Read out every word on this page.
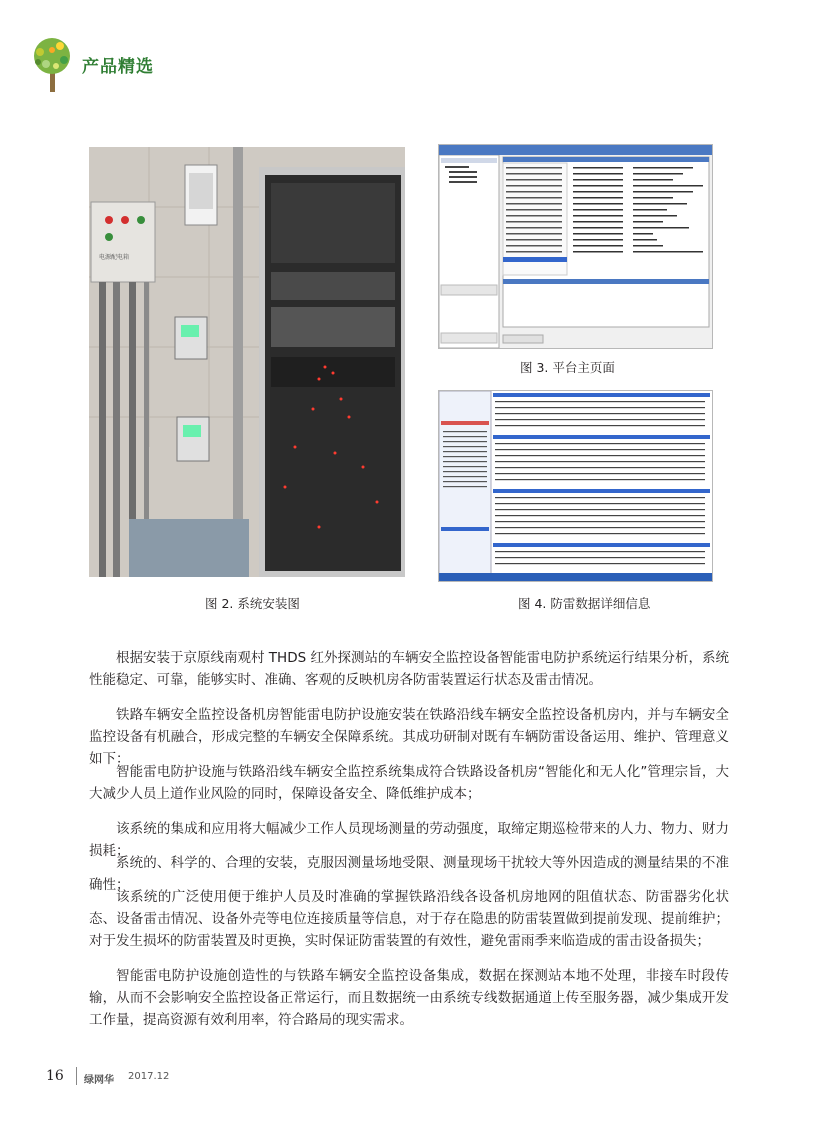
产品精选
电源配电箱
图 3. 平台主页面
图 2. 系统安装图	图 4. 防雷数据详细信息
根据安装于京原线南观村 THDS 红外探测站的车辆安全监控设备智能雷电防护系统运行结果分析，系统性能稳定、可靠，能够实时、准确、客观的反映机房各防雷装置运行状态及雷击情况。
铁路车辆安全监控设备机房智能雷电防护设施安装在铁路沿线车辆安全监控设备机房内，并与车辆安全监控设备有机融合，形成完整的车辆安全保障系统。其成功研制对既有车辆防雷设备运用、维护、管理意义如下：
智能雷电防护设施与铁路沿线车辆安全监控系统集成符合铁路设备机房“智能化和无人化”管理宗旨，大大减少人员上道作业风险的同时，保障设备安全、降低维护成本；
该系统的集成和应用将大幅减少工作人员现场测量的劳动强度，取缔定期巡检带来的人力、物力、财力损耗；
系统的、科学的、合理的安装，克服因测量场地受限、测量现场干扰较大等外因造成的测量结果的不准确性；
该系统的广泛使用便于维护人员及时准确的掌握铁路沿线各设备机房地网的阻值状态、防雷器劣化状态、设备雷击情况、设备外壳等电位连接质量等信息，对于存在隐患的防雷装置做到提前发现、提前维护；对于发生损坏的防雷装置及时更换，实时保证防雷装置的有效性，避免雷雨季来临造成的雷击设备损失；
智能雷电防护设施创造性的与铁路车辆安全监控设备集成，数据在探测站本地不处理，非接车时段传输，从而不会影响安全监控设备正常运行，而且数据统一由系统专线数据通道上传至服务器，减少集成开发工作量，提高资源有效利用率，符合路局的现实需求。
16 绿网华 2017.12
